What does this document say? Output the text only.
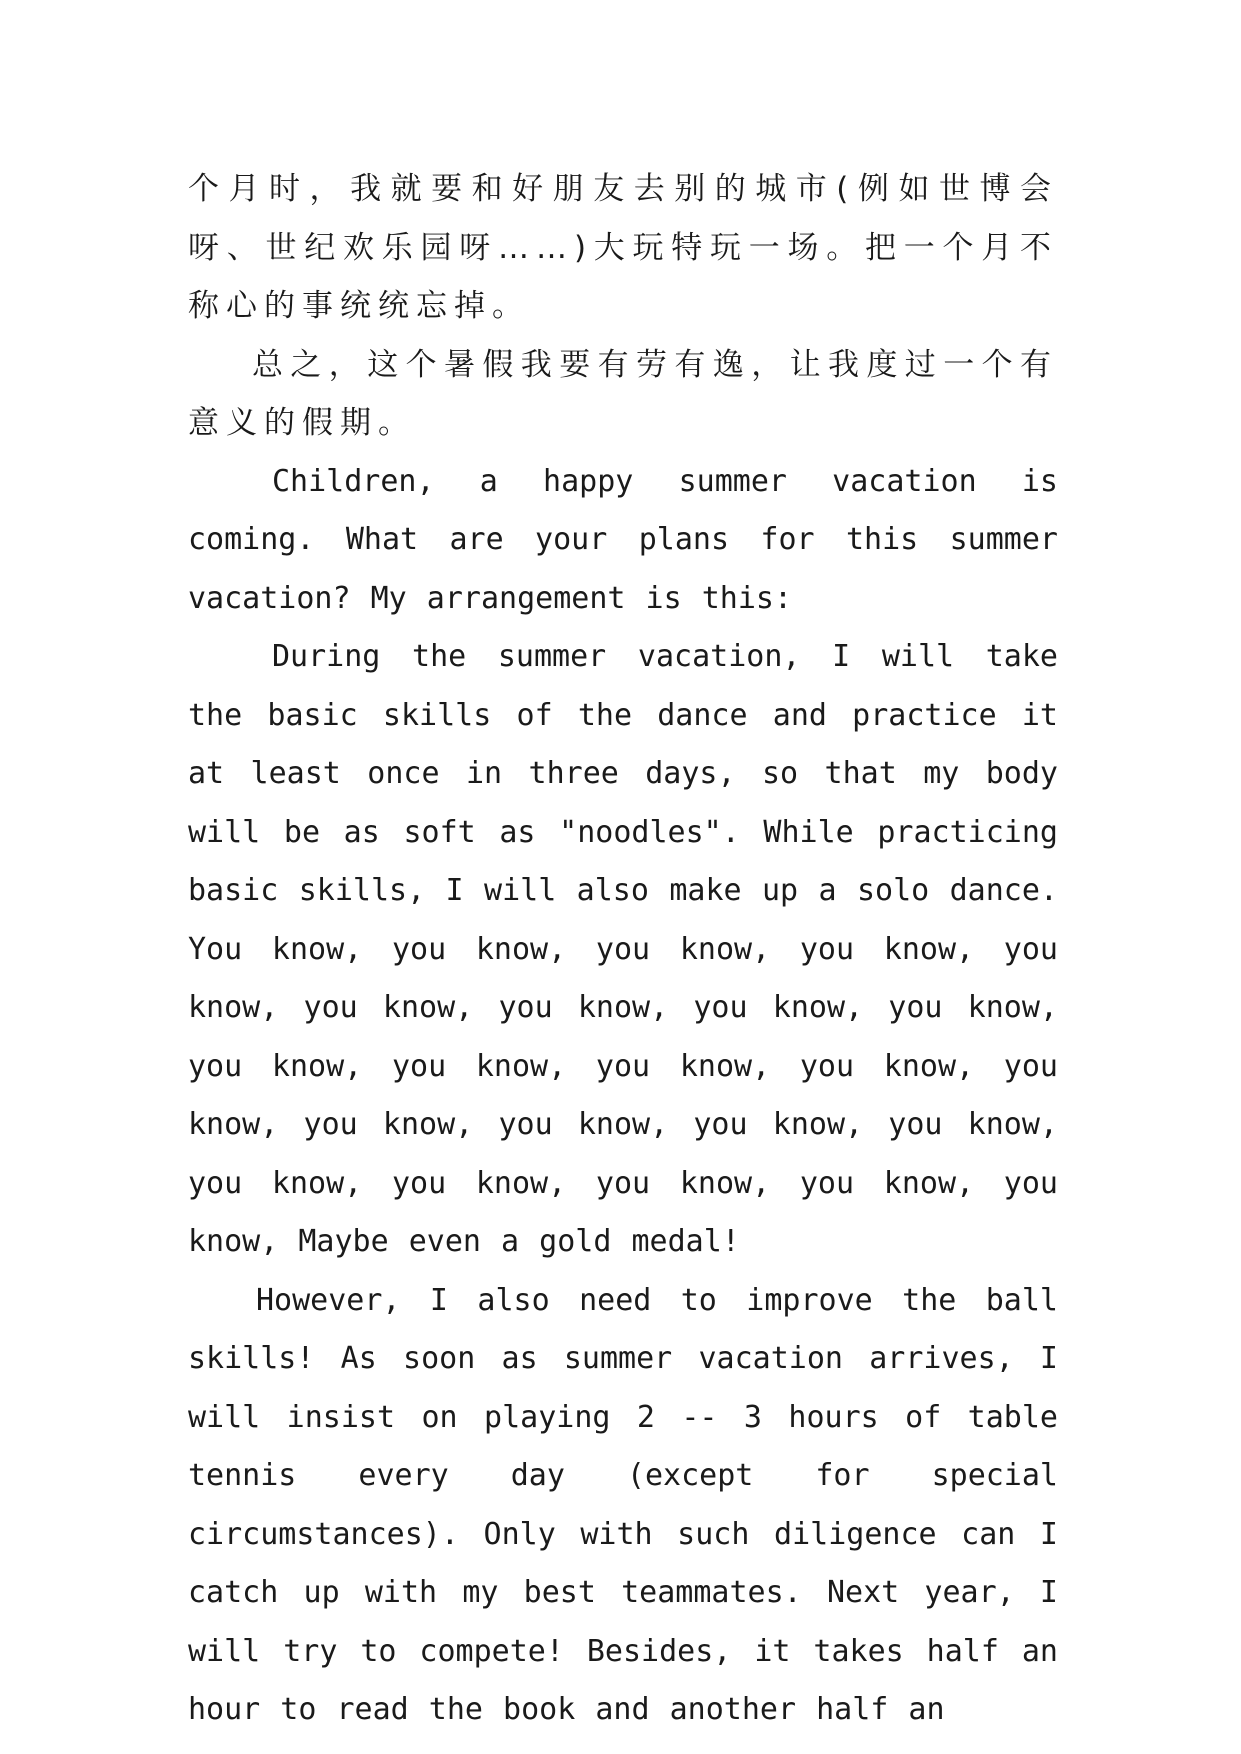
个月时，我就要和好朋友去别的城市(例如世博会呀、世纪欢乐园呀……)大玩特玩一场。把一个月不称心的事统统忘掉。

总之，这个暑假我要有劳有逸，让我度过一个有意义的假期。

Children, a happy summer vacation is coming. What are your plans for this summer vacation? My arrangement is this:

During the summer vacation, I will take the basic skills of the dance and practice it at least once in three days, so that my body will be as soft as "noodles". While practicing basic skills, I will also make up a solo dance. You know, you know, you know, you know, you know, you know, you know, you know, you know, you know, you know, you know, you know, you know, you know, you know, you know, you know, you know, you know, you know, you know, you know, Maybe even a gold medal!

However, I also need to improve the ball skills! As soon as summer vacation arrives, I will insist on playing 2 -- 3 hours of table tennis every day (except for special circumstances). Only with such diligence can I catch up with my best teammates. Next year, I will try to compete! Besides, it takes half an hour to read the book and another half an
